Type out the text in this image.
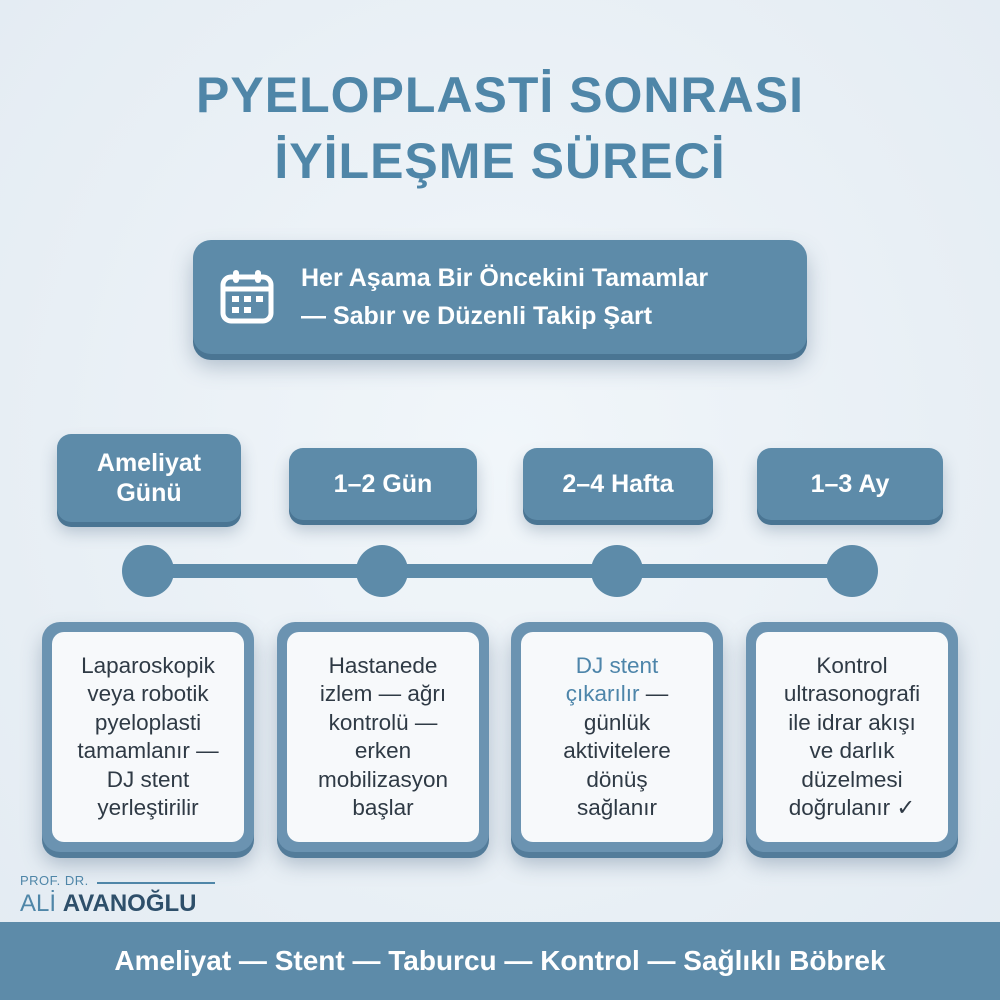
PYELOPLASTİ SONRASI
İYİLEŞME SÜRECİ
Her Aşama Bir Öncekini Tamamlar
— Sabır ve Düzenli Takip Şart
Ameliyat
Günü	1–2 Gün	2–4 Hafta	1–3 Ay
Laparoskopik
veya robotik
pyeloplasti
tamamlanır —
DJ stent
yerleştirilir
Hastanede
izlem — ağrı
kontrolü —
erken
mobilizasyon
başlar
DJ stent
çıkarılır —
günlük
aktivitelere
dönüş
sağlanır
Kontrol
ultrasonografi
ile idrar akışı
ve darlık
düzelmesi
doğrulanır ✓
PROF. DR.
ALİ AVANOĞLU
Ameliyat — Stent — Taburcu — Kontrol — Sağlıklı Böbrek
